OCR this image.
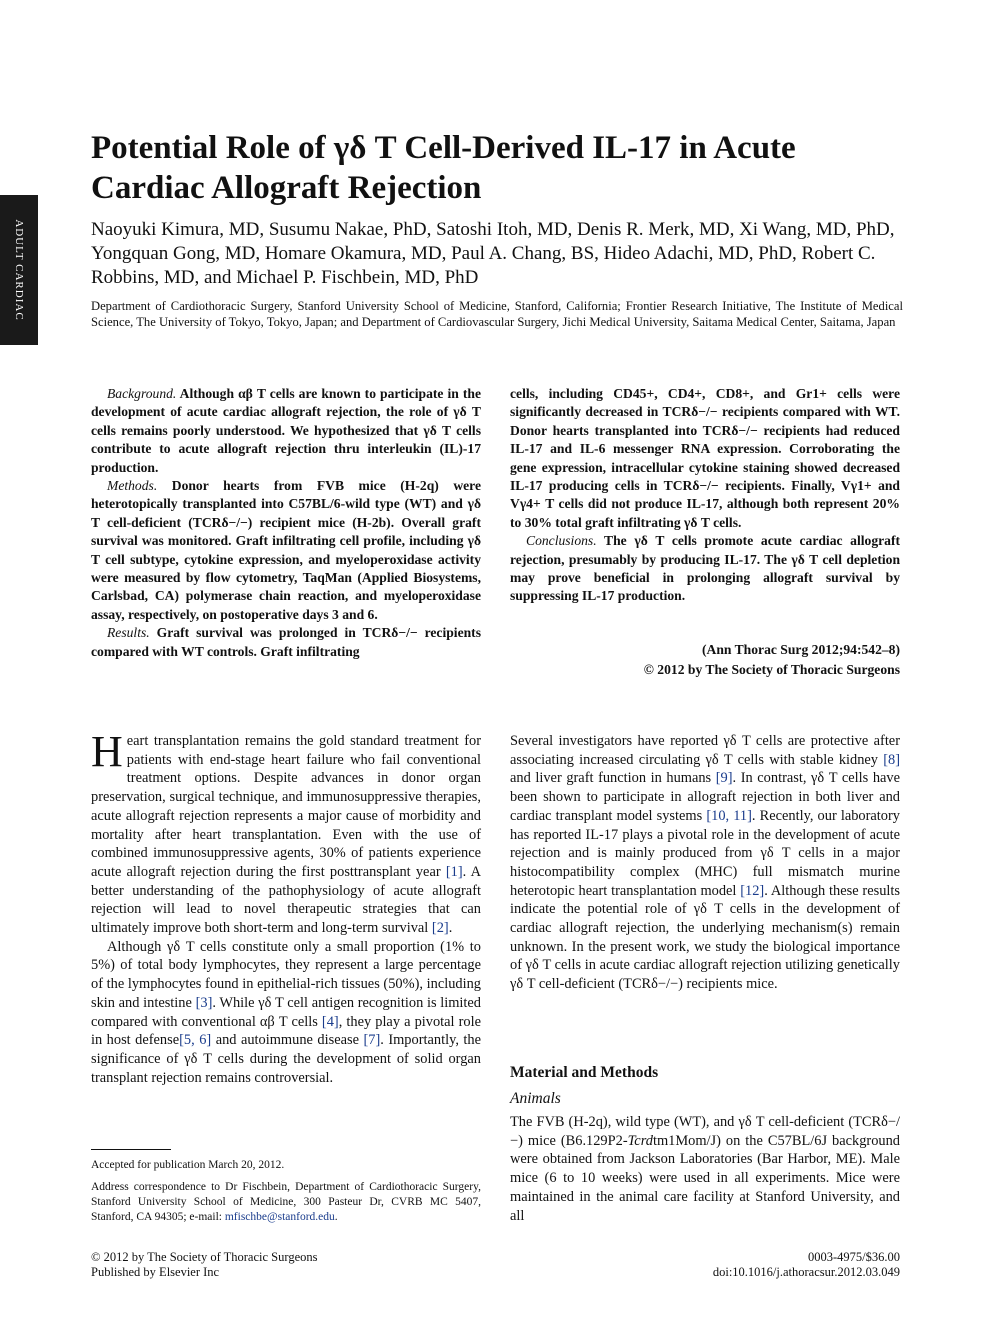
ADULT CARDIAC
Potential Role of γδ T Cell-Derived IL-17 in Acute Cardiac Allograft Rejection
Naoyuki Kimura, MD, Susumu Nakae, PhD, Satoshi Itoh, MD, Denis R. Merk, MD, Xi Wang, MD, PhD, Yongquan Gong, MD, Homare Okamura, MD, Paul A. Chang, BS, Hideo Adachi, MD, PhD, Robert C. Robbins, MD, and Michael P. Fischbein, MD, PhD
Department of Cardiothoracic Surgery, Stanford University School of Medicine, Stanford, California; Frontier Research Initiative, The Institute of Medical Science, The University of Tokyo, Tokyo, Japan; and Department of Cardiovascular Surgery, Jichi Medical University, Saitama Medical Center, Saitama, Japan

Background. Although αβ T cells are known to participate in the development of acute cardiac allograft rejection, the role of γδ T cells remains poorly understood. We hypothesized that γδ T cells contribute to acute allograft rejection thru interleukin (IL)-17 production.

Methods. Donor hearts from FVB mice (H-2q) were heterotopically transplanted into C57BL/6-wild type (WT) and γδ T cell-deficient (TCRδ−/−) recipient mice (H-2b). Overall graft survival was monitored. Graft infiltrating cell profile, including γδ T cell subtype, cytokine expression, and myeloperoxidase activity were measured by flow cytometry, TaqMan (Applied Biosystems, Carlsbad, CA) polymerase chain reaction, and myeloperoxidase assay, respectively, on postoperative days 3 and 6.

Results. Graft survival was prolonged in TCRδ−/− recipients compared with WT controls. Graft infiltrating

cells, including CD45+, CD4+, CD8+, and Gr1+ cells were significantly decreased in TCRδ−/− recipients compared with WT. Donor hearts transplanted into TCRδ−/− recipients had reduced IL-17 and IL-6 messenger RNA expression. Corroborating the gene expression, intracellular cytokine staining showed decreased IL-17 producing cells in TCRδ−/− recipients. Finally, Vγ1+ and Vγ4+ T cells did not produce IL-17, although both represent 20% to 30% total graft infiltrating γδ T cells.

Conclusions. The γδ T cells promote acute cardiac allograft rejection, presumably by producing IL-17. The γδ T cell depletion may prove beneficial in prolonging allograft survival by suppressing IL-17 production.

(Ann Thorac Surg 2012;94:542–8)
© 2012 by The Society of Thoracic Surgeons

Heart transplantation remains the gold standard treatment for patients with end-stage heart failure who fail conventional treatment options. Despite advances in donor organ preservation, surgical technique, and immunosuppressive therapies, acute allograft rejection represents a major cause of morbidity and mortality after heart transplantation. Even with the use of combined immunosuppressive agents, 30% of patients experience acute allograft rejection during the first posttransplant year [1]. A better understanding of the pathophysiology of acute allograft rejection will lead to novel therapeutic strategies that can ultimately improve both short-term and long-term survival [2].

Although γδ T cells constitute only a small proportion (1% to 5%) of total body lymphocytes, they represent a large percentage of the lymphocytes found in epithelial-rich tissues (50%), including skin and intestine [3]. While γδ T cell antigen recognition is limited compared with conventional αβ T cells [4], they play a pivotal role in host defense[5, 6] and autoimmune disease [7]. Importantly, the significance of γδ T cells during the development of solid organ transplant rejection remains controversial.

Several investigators have reported γδ T cells are protective after associating increased circulating γδ T cells with stable kidney [8] and liver graft function in humans [9]. In contrast, γδ T cells have been shown to participate in allograft rejection in both liver and cardiac transplant model systems [10, 11]. Recently, our laboratory has reported IL-17 plays a pivotal role in the development of acute rejection and is mainly produced from γδ T cells in a major histocompatibility complex (MHC) full mismatch murine heterotopic heart transplantation model [12]. Although these results indicate the potential role of γδ T cells in the development of cardiac allograft rejection, the underlying mechanism(s) remain unknown. In the present work, we study the biological importance of γδ T cells in acute cardiac allograft rejection utilizing genetically γδ T cell-deficient (TCRδ−/−) recipients mice.

Material and Methods
Animals

The FVB (H-2q), wild type (WT), and γδ T cell-deficient (TCRδ−/−) mice (B6.129P2-Tcrdtm1Mom/J) on the C57BL/6J background were obtained from Jackson Laboratories (Bar Harbor, ME). Male mice (6 to 10 weeks) were used in all experiments. Mice were maintained in the animal care facility at Stanford University, and all

Accepted for publication March 20, 2012.
Address correspondence to Dr Fischbein, Department of Cardiothoracic Surgery, Stanford University School of Medicine, 300 Pasteur Dr, CVRB MC 5407, Stanford, CA 94305; e-mail: mfischbe@stanford.edu.
© 2012 by The Society of Thoracic Surgeons
Published by Elsevier Inc
0003-4975/$36.00
doi:10.1016/j.athoracsur.2012.03.049
